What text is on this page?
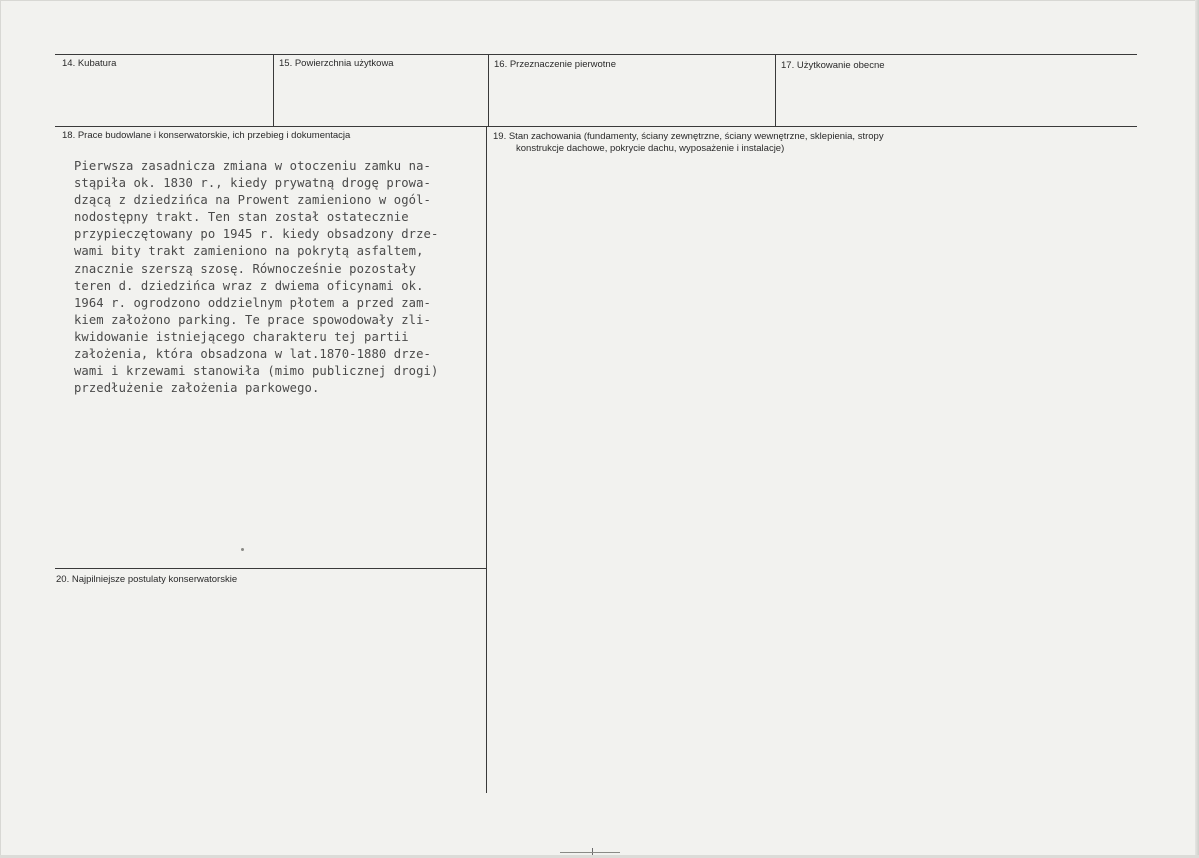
14. Kubatura	15. Powierzchnia użytkowa	16. Przeznaczenie pierwotne	17. Użytkowanie obecne
18. Prace budowlane i konserwatorskie, ich przebieg i dokumentacja	19. Stan zachowania (fundamenty, ściany zewnętrzne, ściany wewnętrzne, sklepienia, stropy
konstrukcje dachowe, pokrycie dachu, wyposażenie i instalacje)
20. Najpilniejsze postulaty konserwatorskie
Pierwsza zasadnicza zmiana w otoczeniu zamku na-
stąpiła ok. 1830 r., kiedy prywatną drogę prowa-
dzącą z dziedzińca na Prowent zamieniono w ogól-
nodostępny trakt. Ten stan został ostatecznie
przypieczętowany po 1945 r. kiedy obsadzony drze-
wami bity trakt zamieniono na pokrytą asfaltem,
znacznie szerszą szosę. Równocześnie pozostały
teren d. dziedzińca wraz z dwiema oficynami ok.
1964 r. ogrodzono oddzielnym płotem a przed zam-
kiem założono parking. Te prace spowodowały zli-
kwidowanie istniejącego charakteru tej partii
założenia, która obsadzona w lat.1870-1880 drze-
wami i krzewami stanowiła (mimo publicznej drogi)
przedłużenie założenia parkowego.
